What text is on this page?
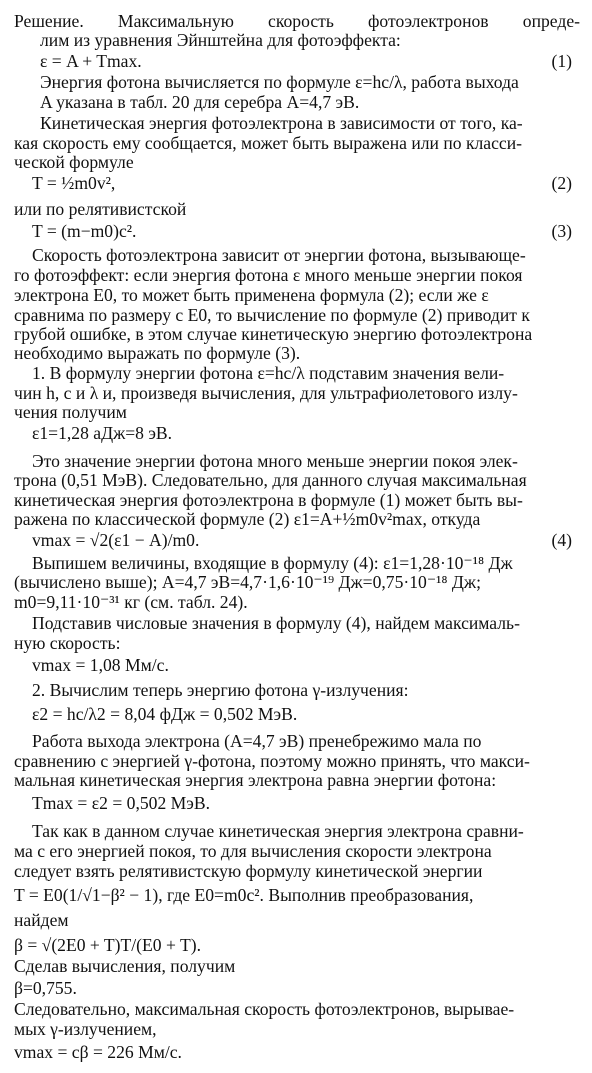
Решение. Максимальную скорость фотоэлектронов опреде-
лим из уравнения Эйнштейна для фотоэффекта:
ε = A + Tmax.	(1)
Энергия фотона вычисляется по формуле ε=hc/λ, работа выхода
A указана в табл. 20 для серебра A=4,7 эВ.
Кинетическая энергия фотоэлектрона в зависимости от того, ка-
кая скорость ему сообщается, может быть выражена или по класси-
ческой формуле
T = ½m0v²,	(2)
или по релятивистской
T = (m−m0)c².	(3)
Скорость фотоэлектрона зависит от энергии фотона, вызывающе-
го фотоэффект: если энергия фотона ε много меньше энергии покоя
электрона E0, то может быть применена формула (2); если же ε
сравнима по размеру с E0, то вычисление по формуле (2) приводит к
грубой ошибке, в этом случае кинетическую энергию фотоэлектрона
необходимо выражать по формуле (3).
1. В формулу энергии фотона ε=hc/λ подставим значения вели-
чин h, c и λ и, произведя вычисления, для ультрафиолетового излу-
чения получим
ε1=1,28 аДж=8 эВ.
Это значение энергии фотона много меньше энергии покоя элек-
трона (0,51 МэВ). Следовательно, для данного случая максимальная
кинетическая энергия фотоэлектрона в формуле (1) может быть вы-
ражена по классической формуле (2) ε1=A+½m0v²max, откуда
vmax = √2(ε1 − A)/m0.	(4)
Выпишем величины, входящие в формулу (4): ε1=1,28·10⁻¹⁸ Дж
(вычислено выше); A=4,7 эВ=4,7·1,6·10⁻¹⁹ Дж=0,75·10⁻¹⁸ Дж;
m0=9,11·10⁻³¹ кг (см. табл. 24).
Подставив числовые значения в формулу (4), найдем максималь-
ную скорость:
vmax = 1,08 Мм/с.
2. Вычислим теперь энергию фотона γ-излучения:
ε2 = hc/λ2 = 8,04 фДж = 0,502 МэВ.
Работа выхода электрона (A=4,7 эВ) пренебрежимо мала по
сравнению с энергией γ-фотона, поэтому можно принять, что макси-
мальная кинетическая энергия электрона равна энергии фотона:
Tmax = ε2 = 0,502 МэВ.
Так как в данном случае кинетическая энергия электрона сравни-
ма с его энергией покоя, то для вычисления скорости электрона
следует взять релятивистскую формулу кинетической энергии
T = E0(1/√1−β² − 1), где E0=m0c². Выполнив преобразования,
найдем
β = √(2E0 + T)T/(E0 + T).
Сделав вычисления, получим
β=0,755.
Следовательно, максимальная скорость фотоэлектронов, вырывае-
мых γ-излучением,
vmax = cβ = 226 Мм/с.
